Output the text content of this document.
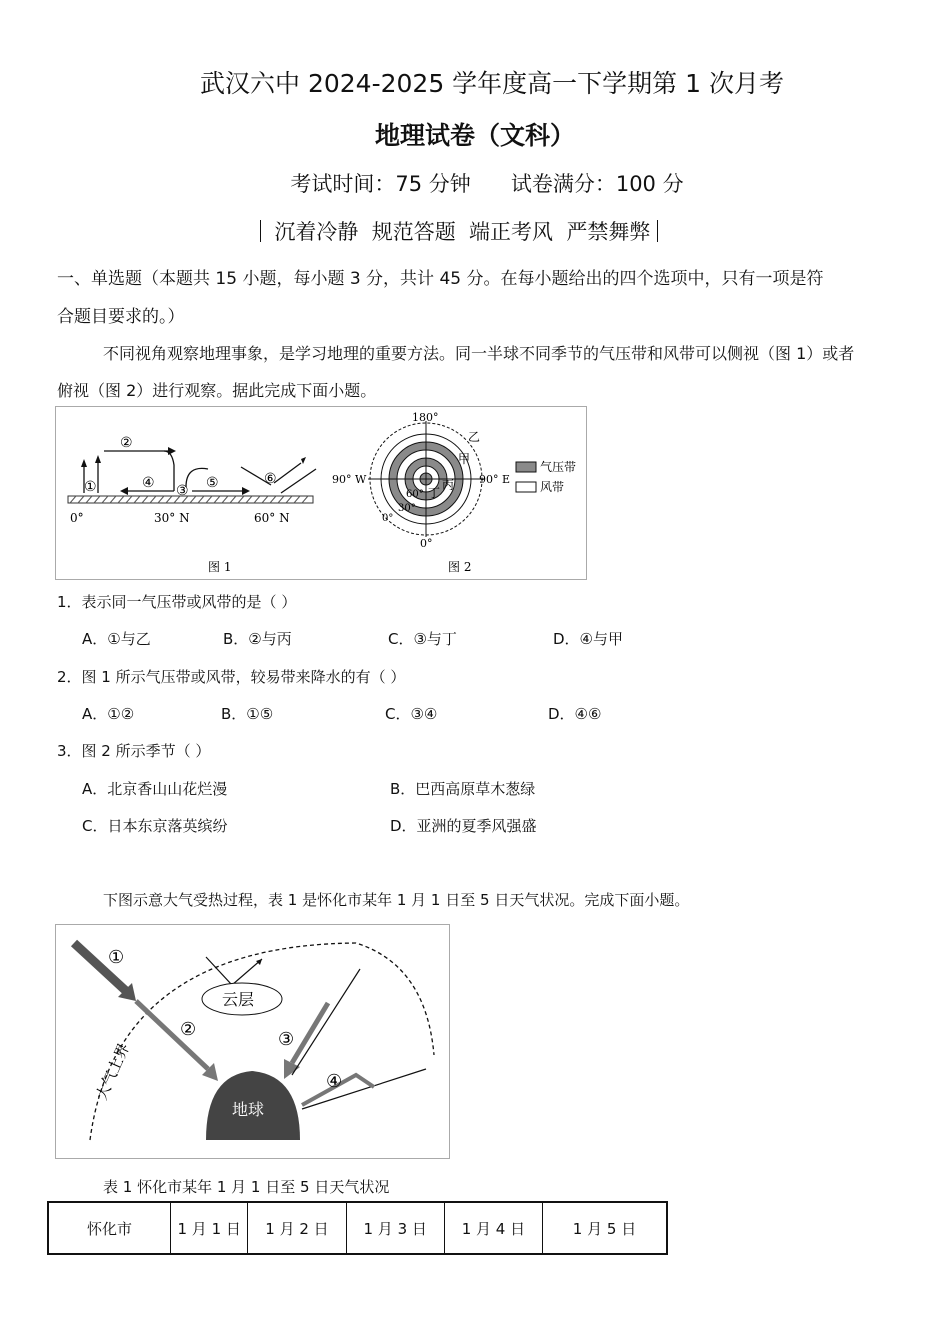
武汉六中 2024-2025 学年度高一下学期第 1 次月考
地理试卷（文科）
考试时间：75 分钟      试卷满分：100 分
沉着冷静  规范答题  端正考风  严禁舞弊
一、单选题（本题共 15 小题，每小题 3 分，共计 45 分。在每小题给出的四个选项中，只有一项是符
合题目要求的。）
不同视角观察地理事象，是学习地理的重要方法。同一半球不同季节的气压带和风带可以侧视（图 1）或者
俯视（图 2）进行观察。据此完成下面小题。
①
②
④ ③ ⑤	⑥
0°	30° N	60° N
图 1
180°
0°
90° W	90° E
乙
甲
丙
丁
60°
30°
0°
气压带
风带
图 2
1．表示同一气压带或风带的是（ ）
A．①与乙	B．②与丙	C．③与丁	D．④与甲
2．图 1 所示气压带或风带，较易带来降水的有（ ）
A．①②	B．①⑤	C．③④	D．④⑥
3．图 2 所示季节（ ）
A．北京香山山花烂漫	B．巴西高原草木葱绿
C．日本东京落英缤纷	D．亚洲的夏季风强盛
下图示意大气受热过程，表 1 是怀化市某年 1 月 1 日至 5 日天气状况。完成下面小题。
云层
地球
①
②	③
④
大气上界
表 1 怀化市某年 1 月 1 日至 5 日天气状况
怀化市	1 月 1 日	1 月 2 日	1 月 3 日	1 月 4 日	1 月 5 日
